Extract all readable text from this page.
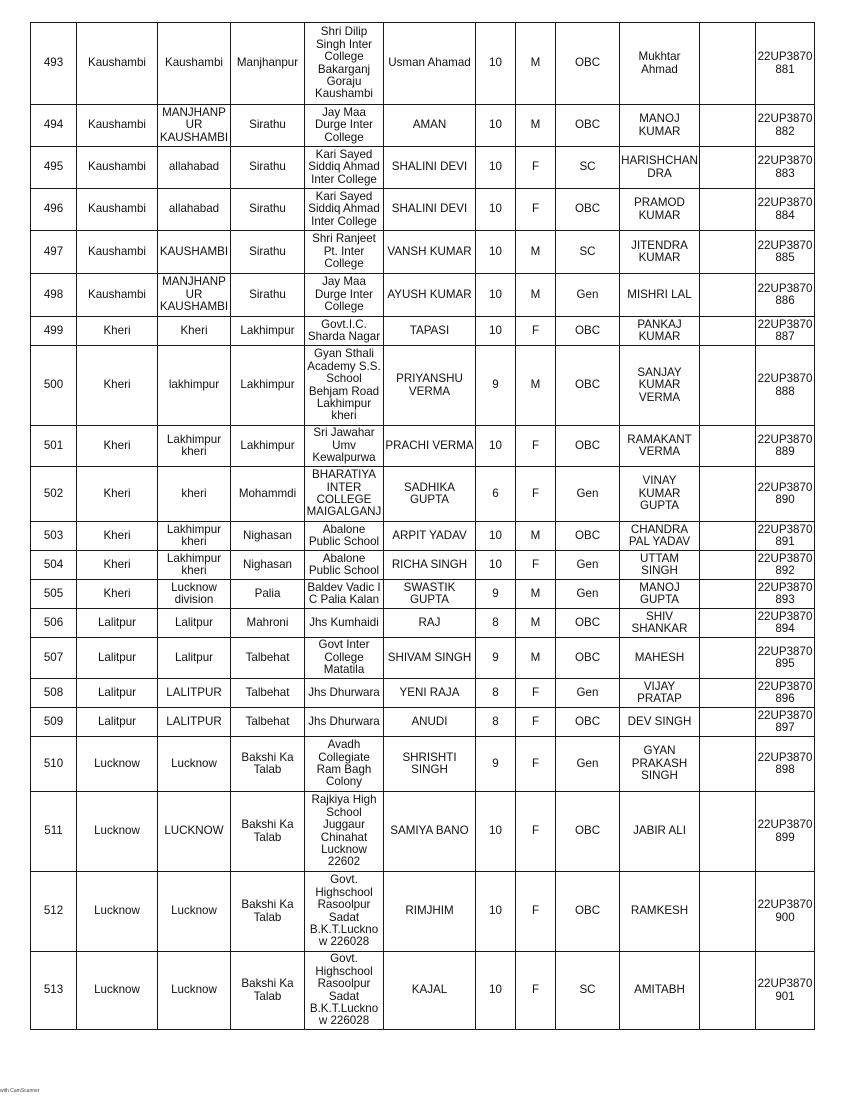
493	Kaushambi	Kaushambi	Manjhanpur	Shri Dilip Singh Inter College Bakarganj Goraju Kaushambi	Usman Ahamad	10	M	OBC	Mukhtar Ahmad		22UP3870 881
494	Kaushambi	MANJHANP UR KAUSHAMBI	Sirathu	Jay Maa Durge Inter College	AMAN	10	M	OBC	MANOJ KUMAR		22UP3870 882
495	Kaushambi	allahabad	Sirathu	Kari Sayed Siddiq Ahmad Inter College	SHALINI DEVI	10	F	SC	HARISHCHAN DRA		22UP3870 883
496	Kaushambi	allahabad	Sirathu	Kari Sayed Siddiq Ahmad Inter College	SHALINI DEVI	10	F	OBC	PRAMOD KUMAR		22UP3870 884
497	Kaushambi	KAUSHAMBI	Sirathu	Shri Ranjeet Pt. Inter College	VANSH KUMAR	10	M	SC	JITENDRA KUMAR		22UP3870 885
498	Kaushambi	MANJHANP UR KAUSHAMBI	Sirathu	Jay Maa Durge Inter College	AYUSH KUMAR	10	M	Gen	MISHRI LAL		22UP3870 886
499	Kheri	Kheri	Lakhimpur	Govt.I.C. Sharda Nagar	TAPASI	10	F	OBC	PANKAJ KUMAR		22UP3870 887
500	Kheri	lakhimpur	Lakhimpur	Gyan Sthali Academy S.S. School Behjam Road Lakhimpur kheri	PRIYANSHU VERMA	9	M	OBC	SANJAY KUMAR VERMA		22UP3870 888
501	Kheri	Lakhimpur kheri	Lakhimpur	Sri Jawahar Umv Kewalpurwa	PRACHI VERMA	10	F	OBC	RAMAKANT VERMA		22UP3870 889
502	Kheri	kheri	Mohammdi	BHARATIYA INTER COLLEGE MAIGALGANJ	SADHIKA GUPTA	6	F	Gen	VINAY KUMAR GUPTA		22UP3870 890
503	Kheri	Lakhimpur kheri	Nighasan	Abalone Public School	ARPIT YADAV	10	M	OBC	CHANDRA PAL YADAV		22UP3870 891
504	Kheri	Lakhimpur kheri	Nighasan	Abalone Public School	RICHA SINGH	10	F	Gen	UTTAM SINGH		22UP3870 892
505	Kheri	Lucknow division	Palia	Baldev Vadic I C Palia Kalan	SWASTIK GUPTA	9	M	Gen	MANOJ GUPTA		22UP3870 893
506	Lalitpur	Lalitpur	Mahroni	Jhs Kumhaidi	RAJ	8	M	OBC	SHIV SHANKAR		22UP3870 894
507	Lalitpur	Lalitpur	Talbehat	Govt Inter College Matatila	SHIVAM SINGH	9	M	OBC	MAHESH		22UP3870 895
508	Lalitpur	LALITPUR	Talbehat	Jhs Dhurwara	YENI RAJA	8	F	Gen	VIJAY PRATAP		22UP3870 896
509	Lalitpur	LALITPUR	Talbehat	Jhs Dhurwara	ANUDI	8	F	OBC	DEV SINGH		22UP3870 897
510	Lucknow	Lucknow	Bakshi Ka Talab	Avadh Collegiate Ram Bagh Colony	SHRISHTI SINGH	9	F	Gen	GYAN PRAKASH SINGH		22UP3870 898
511	Lucknow	LUCKNOW	Bakshi Ka Talab	Rajkiya High School Juggaur Chinahat Lucknow 22602	SAMIYA BANO	10	F	OBC	JABIR ALI		22UP3870 899
512	Lucknow	Lucknow	Bakshi Ka Talab	Govt. Highschool Rasoolpur Sadat B.K.T.Lucknow 226028	RIMJHIM	10	F	OBC	RAMKESH		22UP3870 900
513	Lucknow	Lucknow	Bakshi Ka Talab	Govt. Highschool Rasoolpur Sadat B.K.T.Lucknow 226028	KAJAL	10	F	SC	AMITABH		22UP3870 901
with CamScanner
